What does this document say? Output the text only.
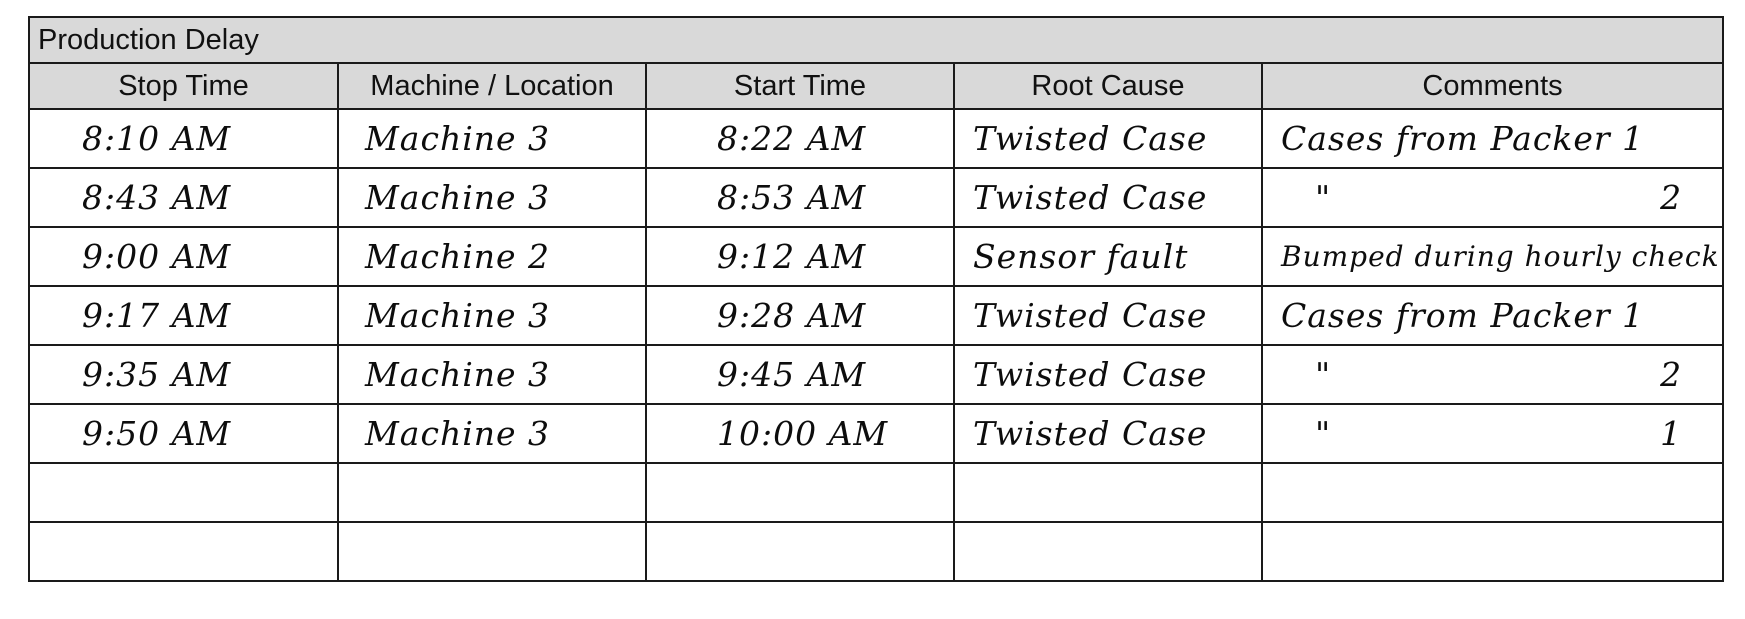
Production Delay				
Stop Time	Machine / Location	Start Time	Root Cause	Comments
8:10 AM	Machine 3	8:22 AM	Twisted Case	Cases from Packer 1

8:43 AM	Machine 3	8:53 AM	Twisted Case	" 2

9:00 AM	Machine 2	9:12 AM	Sensor fault	Bumped during hourly check

9:17 AM	Machine 3	9:28 AM	Twisted Case	Cases from Packer 1

9:35 AM	Machine 3	9:45 AM	Twisted Case	" 2

9:50 AM	Machine 3	10:00 AM	Twisted Case	" 1
